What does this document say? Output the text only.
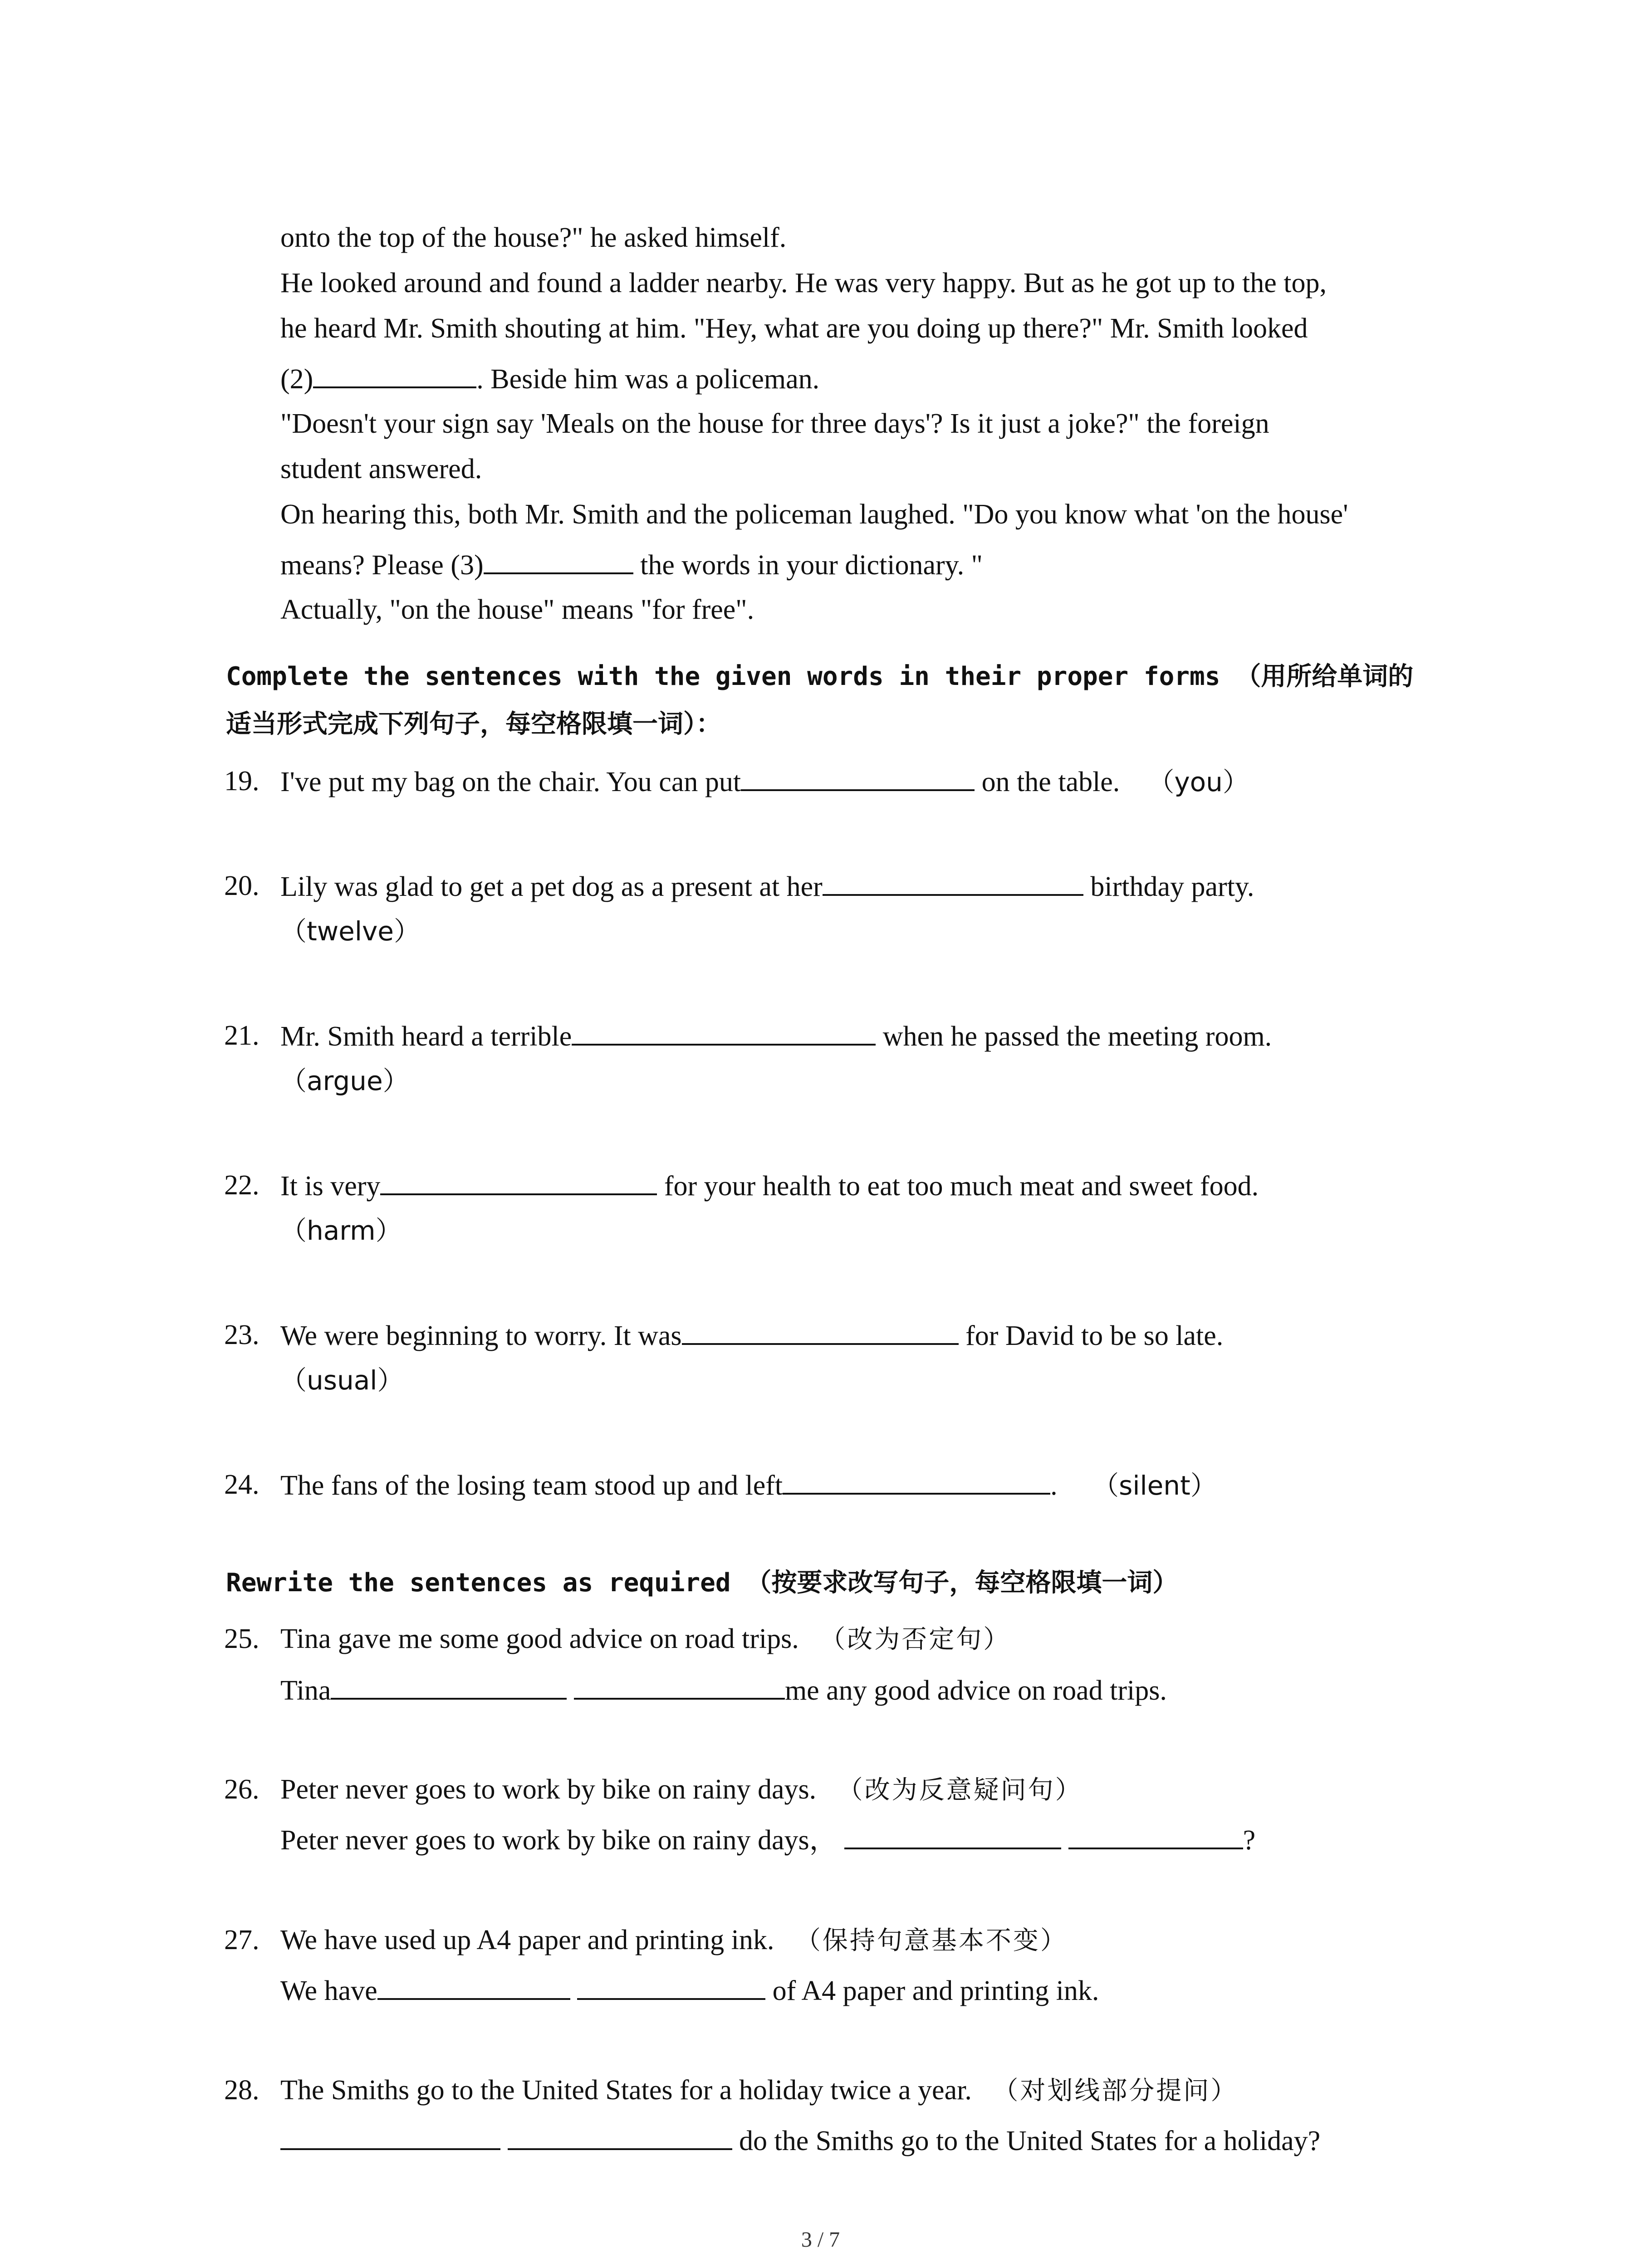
onto the top of the house?" he asked himself.
He looked around and found a ladder nearby. He was very happy. But as he got up to the top,
he heard Mr. Smith shouting at him. "Hey, what are you doing up there?" Mr. Smith looked
(2)	. Beside him was a policeman.
"Doesn't your sign say 'Meals on the house for three days'? Is it just a joke?" the foreign
student answered.
On hearing this, both Mr. Smith and the policeman laughed. "Do you know what 'on the house'
means? Please (3)	the words in your dictionary. "
Actually, "on the house" means "for free".
Complete the sentences with the given words in their proper forms （用所给单词的
适当形式完成下列句子，每空格限填一词）：
19. I've put my bag on the chair. You can put	on the table. （you）
20. Lily was glad to get a pet dog as a present at her	birthday party.
（twelve）
21. Mr. Smith heard a terrible	when he passed the meeting room.
（argue）
22. It is very	for your health to eat too much meat and sweet food.
（harm）
23. We were beginning to worry. It was	for David to be so late.
（usual）
24. The fans of the losing team stood up and left	. （silent）
Rewrite the sentences as required （按要求改写句子，每空格限填一词）
25. Tina gave me some good advice on road trips. （改为否定句）
Tina	me any good advice on road trips.
26. Peter never goes to work by bike on rainy days. （改为反意疑问句）
Peter never goes to work by bike on rainy days，	?
27. We have used up A4 paper and printing ink. （保持句意基本不变）
We have	of A4 paper and printing ink.
28. The Smiths go to the United States for a holiday twice a year. （对划线部分提问）
do the Smiths go to the United States for a holiday?
3 / 7
